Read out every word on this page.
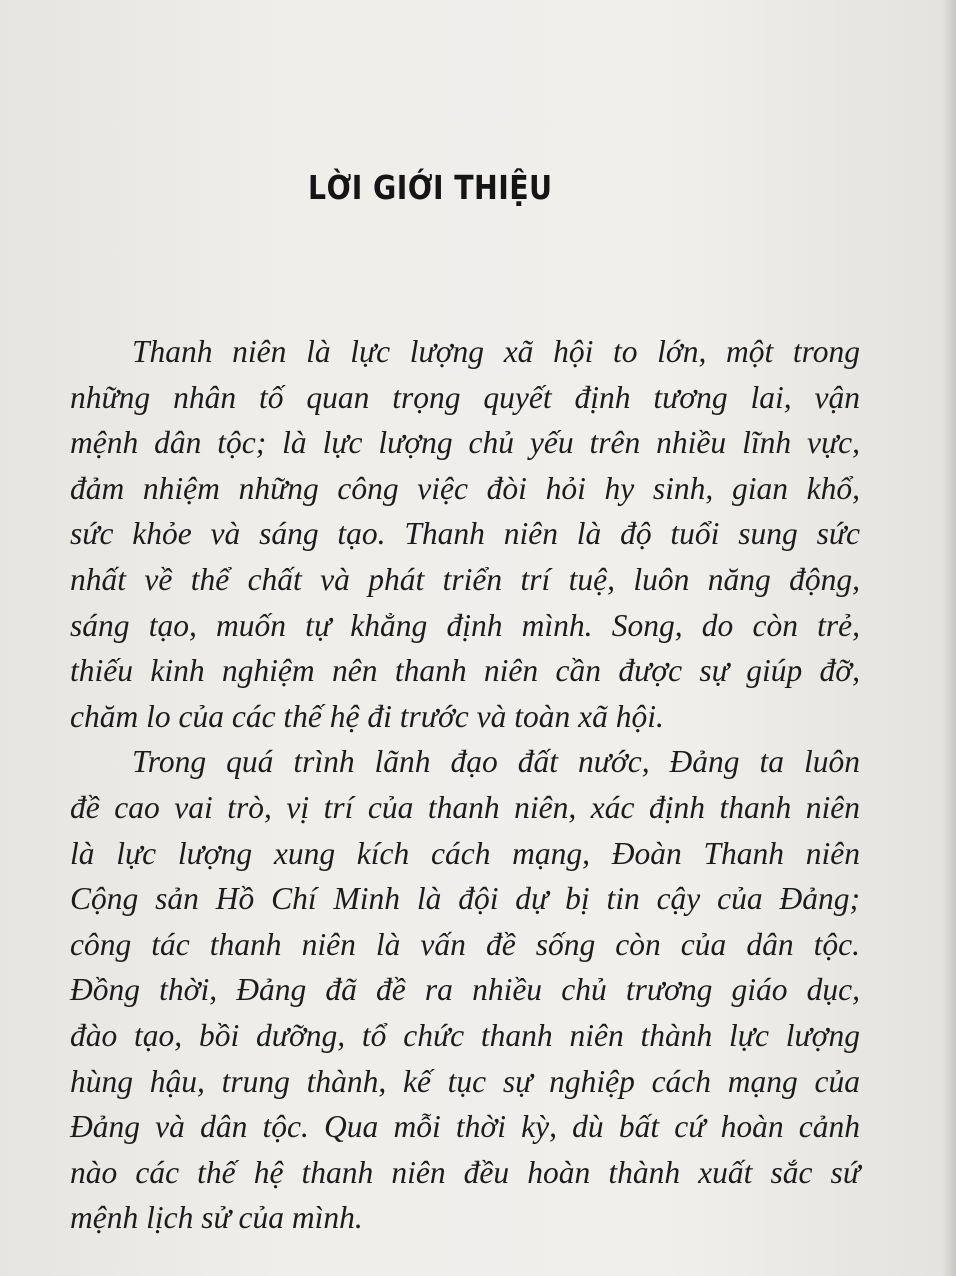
LỜI GIỚI THIỆU
Thanh niên là lực lượng xã hội to lớn, một trong
những nhân tố quan trọng quyết định tương lai, vận
mệnh dân tộc; là lực lượng chủ yếu trên nhiều lĩnh vực,
đảm nhiệm những công việc đòi hỏi hy sinh, gian khổ,
sức khỏe và sáng tạo. Thanh niên là độ tuổi sung sức
nhất về thể chất và phát triển trí tuệ, luôn năng động,
sáng tạo, muốn tự khẳng định mình. Song, do còn trẻ,
thiếu kinh nghiệm nên thanh niên cần được sự giúp đỡ,
chăm lo của các thế hệ đi trước và toàn xã hội.
Trong quá trình lãnh đạo đất nước, Đảng ta luôn
đề cao vai trò, vị trí của thanh niên, xác định thanh niên
là lực lượng xung kích cách mạng, Đoàn Thanh niên
Cộng sản Hồ Chí Minh là đội dự bị tin cậy của Đảng;
công tác thanh niên là vấn đề sống còn của dân tộc.
Đồng thời, Đảng đã đề ra nhiều chủ trương giáo dục,
đào tạo, bồi dưỡng, tổ chức thanh niên thành lực lượng
hùng hậu, trung thành, kế tục sự nghiệp cách mạng của
Đảng và dân tộc. Qua mỗi thời kỳ, dù bất cứ hoàn cảnh
nào các thế hệ thanh niên đều hoàn thành xuất sắc sứ
mệnh lịch sử của mình.
